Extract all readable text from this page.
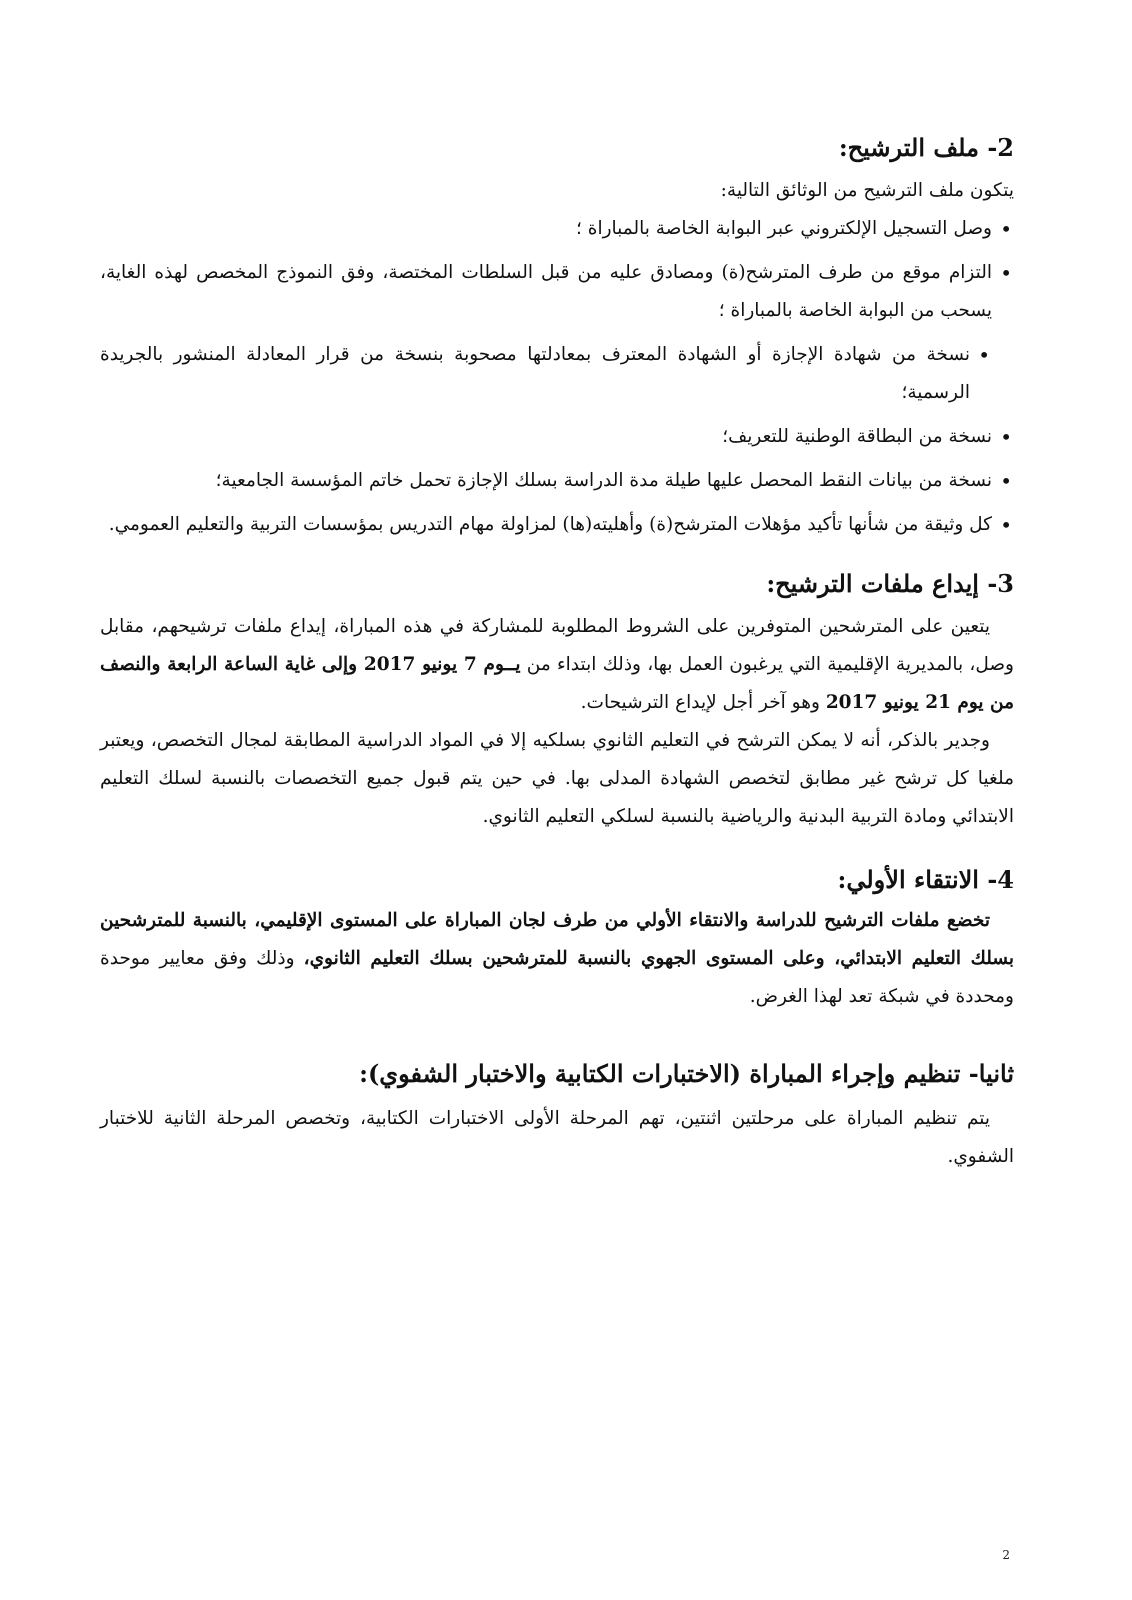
2- ملف الترشيح:

يتكون ملف الترشيح من الوثائق التالية:

• وصل التسجيل الإلكتروني عبر البوابة الخاصة بالمباراة ؛
• التزام موقع من طرف المترشح(ة) ومصادق عليه من قبل السلطات المختصة، وفق النموذج المخصص لهذه الغاية، يسحب من البوابة الخاصة بالمباراة ؛
• نسخة من شهادة الإجازة أو الشهادة المعترف بمعادلتها مصحوبة بنسخة من قرار المعادلة المنشور بالجريدة الرسمية؛
• نسخة من البطاقة الوطنية للتعريف؛
• نسخة من بيانات النقط المحصل عليها طيلة مدة الدراسة بسلك الإجازة تحمل خاتم المؤسسة الجامعية؛
• كل وثيقة من شأنها تأكيد مؤهلات المترشح(ة) وأهليته(ها) لمزاولة مهام التدريس بمؤسسات التربية والتعليم العمومي.
3- إيداع ملفات الترشيح:

يتعين على المترشحين المتوفرين على الشروط المطلوبة للمشاركة في هذه المباراة، إيداع ملفات ترشيحهم، مقابل وصل، بالمديرية الإقليمية التي يرغبون العمل بها، وذلك ابتداء من يــوم 7 يونيو 2017 وإلى غاية الساعة الرابعة والنصف من يوم 21 يونيو 2017 وهو آخر أجل لإيداع الترشيحات.

وجدير بالذكر، أنه لا يمكن الترشح في التعليم الثانوي بسلكيه إلا في المواد الدراسية المطابقة لمجال التخصص، ويعتبر ملغيا كل ترشح غير مطابق لتخصص الشهادة المدلى بها. في حين يتم قبول جميع التخصصات بالنسبة لسلك التعليم الابتدائي ومادة التربية البدنية والرياضية بالنسبة لسلكي التعليم الثانوي.

4- الانتقاء الأولي:

تخضع ملفات الترشيح للدراسة والانتقاء الأولي من طرف لجان المباراة على المستوى الإقليمي، بالنسبة للمترشحين بسلك التعليم الابتدائي، وعلى المستوى الجهوي بالنسبة للمترشحين بسلك التعليم الثانوي، وذلك وفق معايير موحدة ومحددة في شبكة تعد لهذا الغرض.

ثانيا- تنظيم وإجراء المباراة (الاختبارات الكتابية والاختبار الشفوي):

يتم تنظيم المباراة على مرحلتين اثنتين، تهم المرحلة الأولى الاختبارات الكتابية، وتخصص المرحلة الثانية للاختبار الشفوي.

2
